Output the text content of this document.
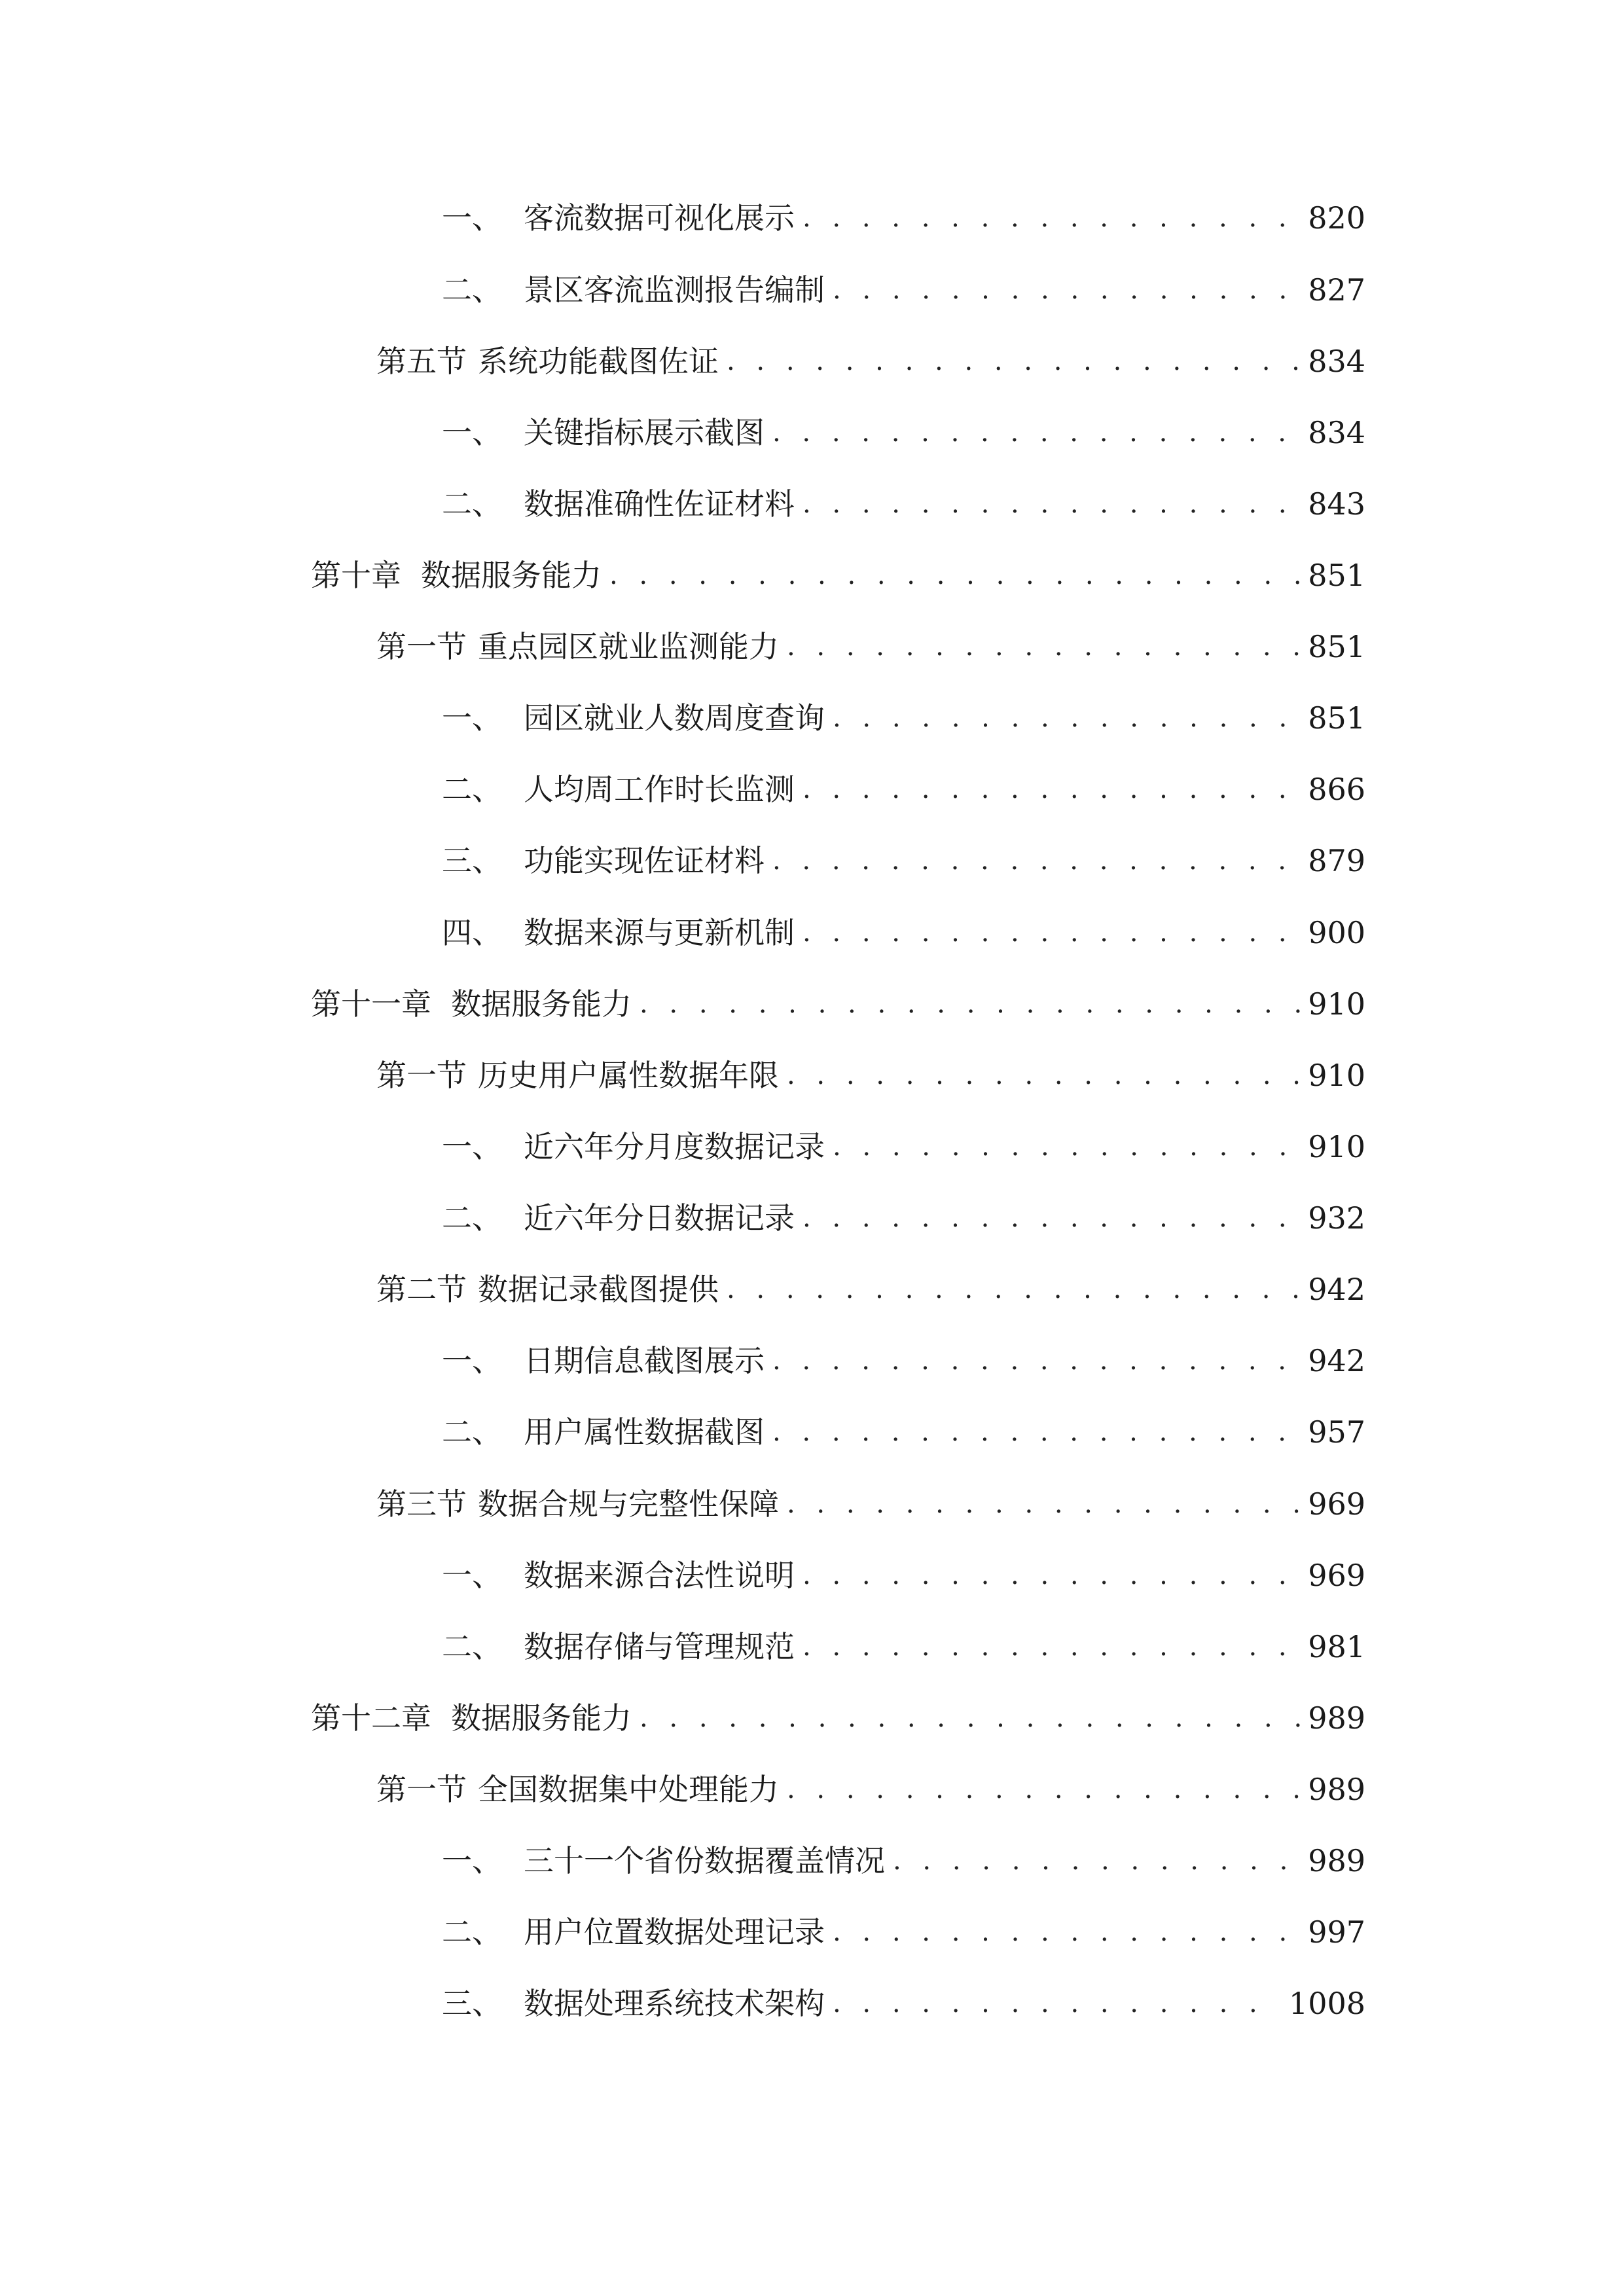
一、 客流数据可视化展示 . . .	820
二、 景区客流监测报告编制 . . .	827
第五节 系统功能截图佐证 . . .	834
一、 关键指标展示截图 . . .	834
二、 数据准确性佐证材料 . . .	843
第十章 数据服务能力 . . .	851
第一节 重点园区就业监测能力 . . .	851
一、 园区就业人数周度查询 . . .	851
二、 人均周工作时长监测 . . .	866
三、 功能实现佐证材料 . . .	879
四、 数据来源与更新机制 . . .	900
第十一章 数据服务能力 . . .	910
第一节 历史用户属性数据年限 . . .	910
一、 近六年分月度数据记录 . . .	910
二、 近六年分日数据记录 . . .	932
第二节 数据记录截图提供 . . .	942
一、 日期信息截图展示 . . .	942
二、 用户属性数据截图 . . .	957
第三节 数据合规与完整性保障 . . .	969
一、 数据来源合法性说明 . . .	969
二、 数据存储与管理规范 . . .	981
第十二章 数据服务能力 . . .	989
第一节 全国数据集中处理能力 . . .	989
一、 三十一个省份数据覆盖情况 . . .	989
二、 用户位置数据处理记录 . . .	997
三、 数据处理系统技术架构 . . .	1008
